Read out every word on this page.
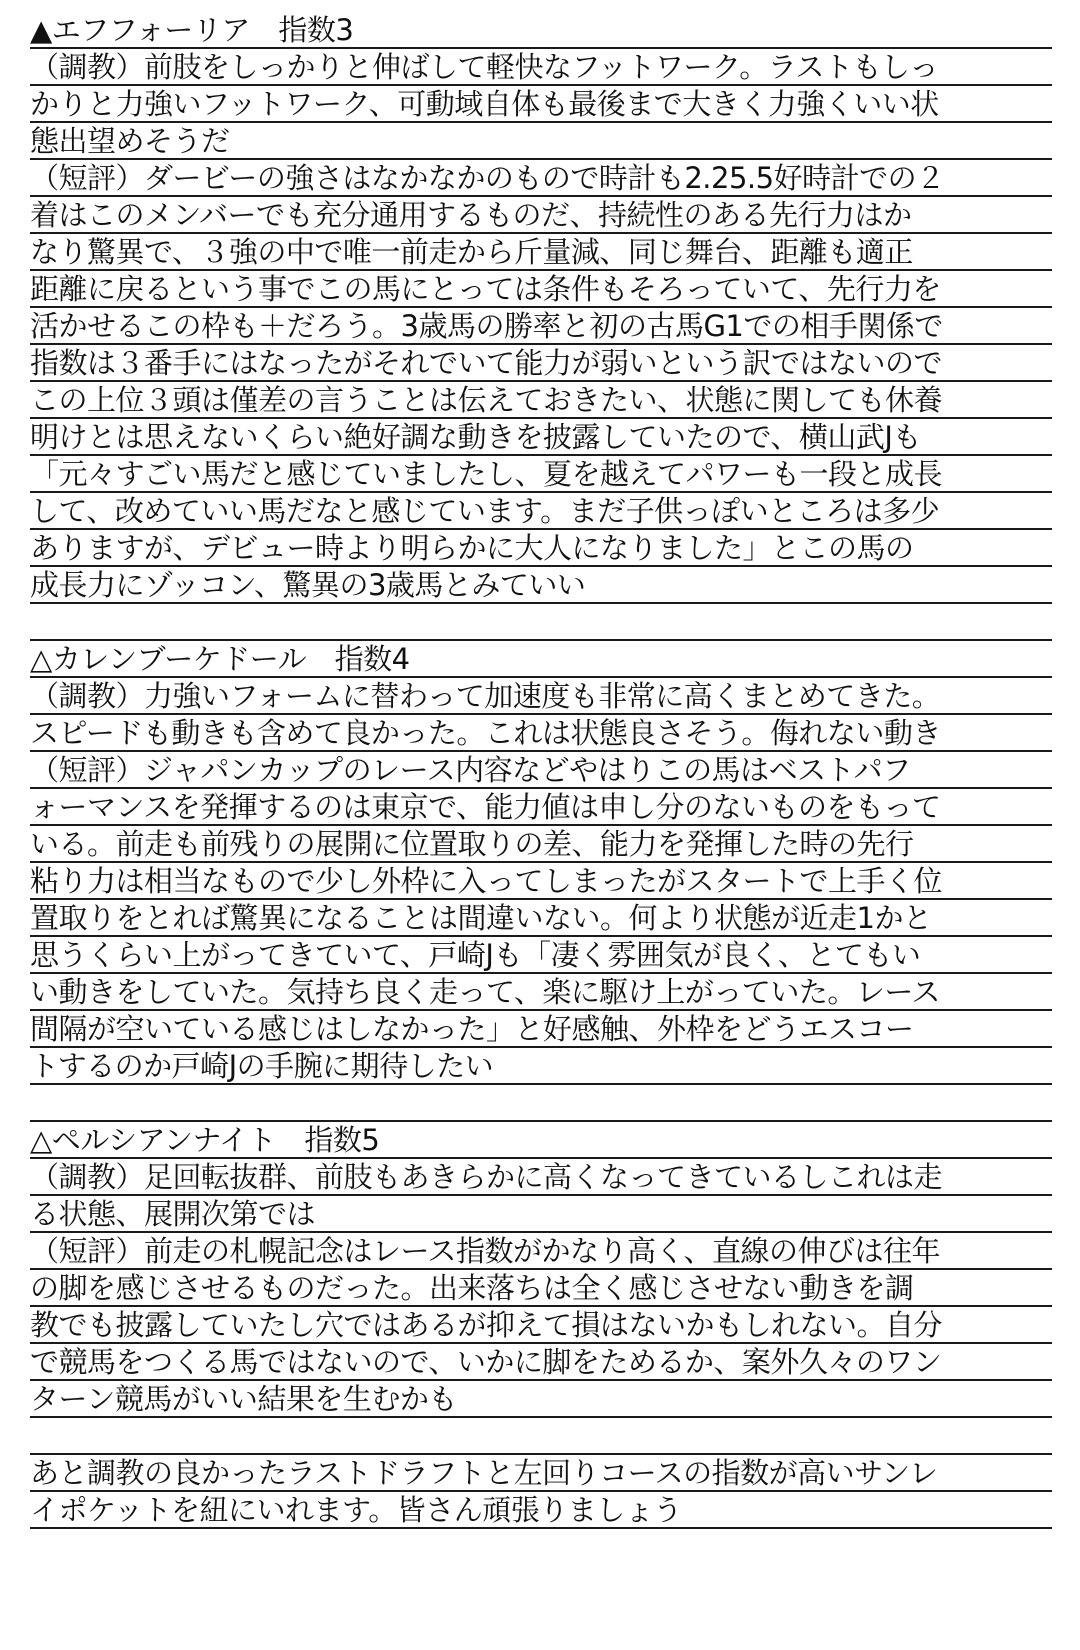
▲エフフォーリア　指数3
（調教）前肢をしっかりと伸ばして軽快なフットワーク。ラストもしっ
かりと力強いフットワーク、可動域自体も最後まで大きく力強くいい状
態出望めそうだ
（短評）ダービーの強さはなかなかのもので時計も2.25.5好時計での２
着はこのメンバーでも充分通用するものだ、持続性のある先行力はか
なり驚異で、３強の中で唯一前走から斤量減、同じ舞台、距離も適正
距離に戻るという事でこの馬にとっては条件もそろっていて、先行力を
活かせるこの枠も＋だろう。3歳馬の勝率と初の古馬G1での相手関係で
指数は３番手にはなったがそれでいて能力が弱いという訳ではないので
この上位３頭は僅差の言うことは伝えておきたい、状態に関しても休養
明けとは思えないくらい絶好調な動きを披露していたので、横山武Jも
「元々すごい馬だと感じていましたし、夏を越えてパワーも一段と成長
して、改めていい馬だなと感じています。まだ子供っぽいところは多少
ありますが、デビュー時より明らかに大人になりました」とこの馬の
成長力にゾッコン、驚異の3歳馬とみていい
△カレンブーケドール　指数4
（調教）力強いフォームに替わって加速度も非常に高くまとめてきた。
スピードも動きも含めて良かった。これは状態良さそう。侮れない動き
（短評）ジャパンカップのレース内容などやはりこの馬はベストパフ
ォーマンスを発揮するのは東京で、能力値は申し分のないものをもって
いる。前走も前残りの展開に位置取りの差、能力を発揮した時の先行
粘り力は相当なもので少し外枠に入ってしまったがスタートで上手く位
置取りをとれば驚異になることは間違いない。何より状態が近走1かと
思うくらい上がってきていて、戸崎Jも「凄く雰囲気が良く、とてもい
い動きをしていた。気持ち良く走って、楽に駆け上がっていた。レース
間隔が空いている感じはしなかった」と好感触、外枠をどうエスコー
トするのか戸崎Jの手腕に期待したい
△ペルシアンナイト　指数5
（調教）足回転抜群、前肢もあきらかに高くなってきているしこれは走
る状態、展開次第では
（短評）前走の札幌記念はレース指数がかなり高く、直線の伸びは往年
の脚を感じさせるものだった。出来落ちは全く感じさせない動きを調
教でも披露していたし穴ではあるが抑えて損はないかもしれない。自分
で競馬をつくる馬ではないので、いかに脚をためるか、案外久々のワン
ターン競馬がいい結果を生むかも
あと調教の良かったラストドラフトと左回りコースの指数が高いサンレ
イポケットを紐にいれます。皆さん頑張りましょう
